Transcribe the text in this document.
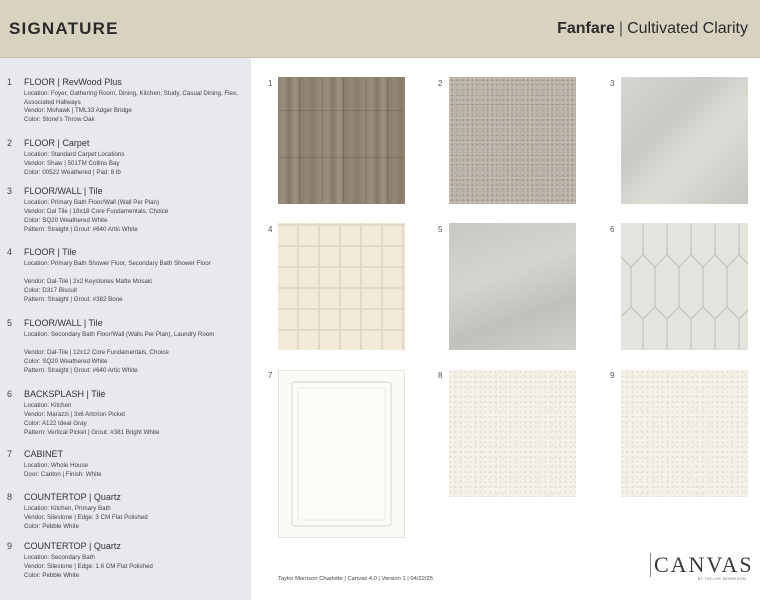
SIGNATURE	Fanfare | Cultivated Clarity
1 FLOOR | RevWood Plus
Location: Foyer, Gathering Room, Dining, Kitchen, Study, Casual Dining, Flex, Associated Hallways
Vendor: Mohawk | TML33 Adger Bridge
Color: Stone's Throw Oak
2 FLOOR | Carpet
Location: Standard Carpet Locations
Vendor: Shaw | 501TM Collins Bay
Color: 00522 Weathered | Pad: 8 lb
3 FLOOR/WALL | Tile
Location: Primary Bath Floor/Wall (Wall Per Plan)
Vendor: Dal Tile | 18x18 Core Fundamentals, Choice
Color: SQ20 Weathered White
Pattern: Straight | Grout: #640 Artic White
4 FLOOR | Tile
Location: Primary Bath Shower Floor, Secondary Bath Shower Floor
Vendor: Dal-Tile | 2x2 Keystones Matte Mosaic
Color: D317 Biscuit
Pattern: Straight | Grout: #382 Bone
5 FLOOR/WALL | Tile
Location: Secondary Bath Floor/Wall (Walls Per Plan), Laundry Room
Vendor: Dal-Tile | 12x12 Core Fundamentals, Choice
Color: SQ20 Weathered White
Pattern: Straight | Grout: #640 Artic White
6 BACKSPLASH | Tile
Location: Kitchen
Vendor: Marazzi | 3x6 Artcrion Picket
Color: A122 Ideal Gray
Pattern: Vertical Picket | Grout: #381 Bright White
7 CABINET
Location: Whole House
Door: Canton | Finish: White
8 COUNTERTOP | Quartz
Location: Kitchen, Primary Bath
Vendor: Silestone | Edge: 3 CM Flat Polished
Color: Pebble White
9 COUNTERTOP | Quartz
Location: Secondary Bath
Vendor: Silestone | Edge: 1.6 CM Flat Polished
Color: Pebble White
1	2	3
4	5	6
7	8	9
Taylor Morrison Charlotte | Canvas 4.0 | Version 1 | 04/22/25
CANVAS
BY TAYLOR MORRISON
